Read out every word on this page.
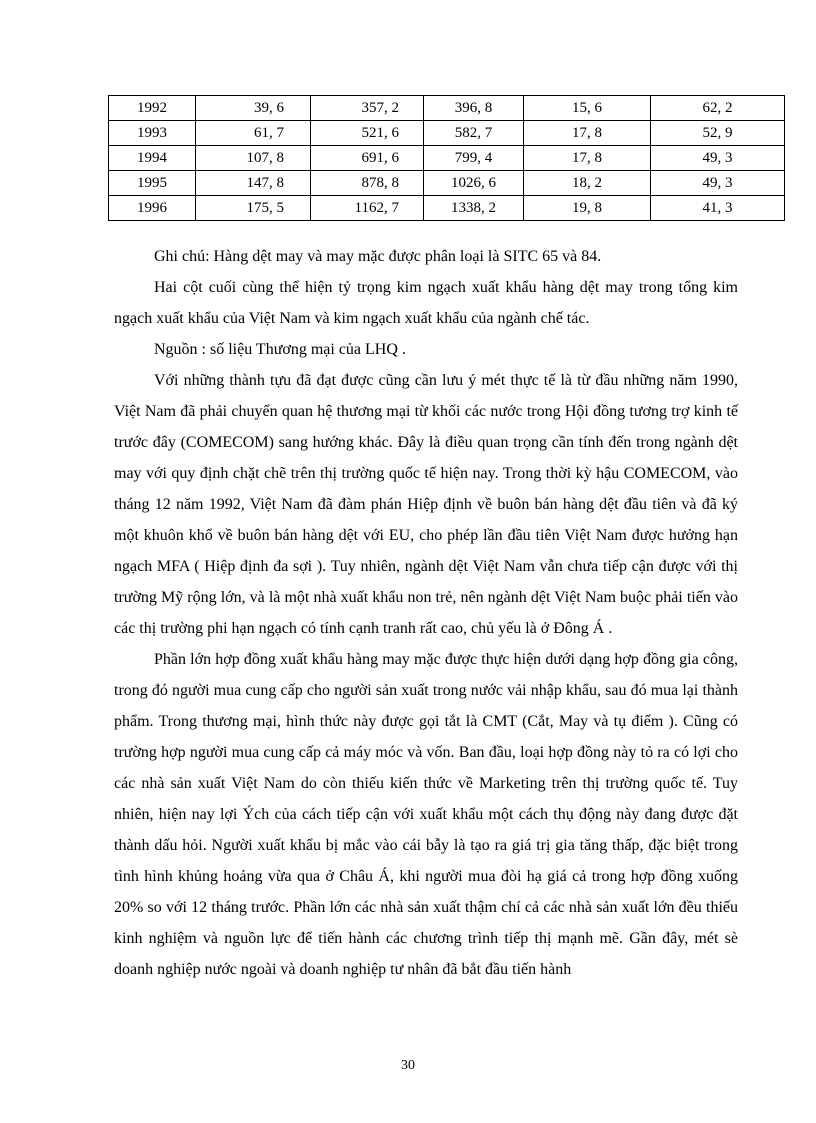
1992	39, 6	357, 2	396, 8	15, 6	62, 2
1993	61, 7	521, 6	582, 7	17, 8	52, 9
1994	107, 8	691, 6	799, 4	17, 8	49, 3
1995	147, 8	878, 8	1026, 6	18, 2	49, 3
1996	175, 5	1162, 7	1338, 2	19, 8	41, 3

Ghi chú: Hàng dệt may và may mặc được phân loại là SITC 65 và 84.

Hai cột cuối cùng thể hiện tỷ trọng kim ngạch xuất khẩu hàng dệt may trong tổng kim ngạch xuất khẩu của Việt Nam và kim ngạch xuất khẩu của ngành chế tác.

Nguồn : số liệu Thương mại của LHQ .

Với những thành tựu đã đạt được cũng cần lưu ý mét thực tế là từ đầu những năm 1990, Việt Nam đã phải chuyển quan hệ thương mại từ khối các nước trong Hội đồng tương trợ kinh tế trước đây (COMECOM) sang hướng khác. Đây là điều quan trọng cần tính đến trong ngành dệt may với quy định chặt chẽ trên thị trường quốc tế hiện nay. Trong thời kỳ hậu COMECOM, vào tháng 12 năm 1992, Việt Nam đã đàm phán Hiệp định về buôn bán hàng dệt đầu tiên và đã ký một khuôn khổ về buôn bán hàng dệt với EU, cho phép lần đầu tiên Việt Nam được hưởng hạn ngạch MFA ( Hiệp định đa sợi ). Tuy nhiên, ngành dệt Việt Nam vẫn chưa tiếp cận được với thị trường Mỹ rộng lớn, và là một nhà xuất khẩu non trẻ, nên ngành dệt Việt Nam buộc phải tiến vào các thị trường phi hạn ngạch có tính cạnh tranh rất cao, chủ yếu là ở Đông Á .

Phần lớn hợp đồng xuất khẩu hàng may mặc được thực hiện dưới dạng hợp đồng gia công, trong đó người mua cung cấp cho người sản xuất trong nước vải nhập khẩu, sau đó mua lại thành phẩm. Trong thương mại, hình thức này được gọi tắt là CMT (Cắt, May và tụ điểm ). Cũng có trường hợp người mua cung cấp cả máy móc và vốn. Ban đầu, loại hợp đồng này tỏ ra có lợi cho các nhà sản xuất Việt Nam do còn thiếu kiến thức về Marketing trên thị trường quốc tế. Tuy nhiên, hiện nay lợi Ých của cách tiếp cận với xuất khẩu một cách thụ động này đang được đặt thành dấu hỏi. Người xuất khẩu bị mắc vào cái bẫy là tạo ra giá trị gia tăng thấp, đặc biệt trong tình hình khủng hoảng vừa qua ở Châu Á, khi người mua đòi hạ giá cả trong hợp đồng xuống 20% so với 12 tháng trước. Phần lớn các nhà sản xuất thậm chí cả các nhà sản xuất lớn đều thiếu kinh nghiệm và nguồn lực để tiến hành các chương trình tiếp thị mạnh mẽ. Gần đây, mét sè doanh nghiệp nước ngoài và doanh nghiệp tư nhân đã bắt đầu tiến hành

30
